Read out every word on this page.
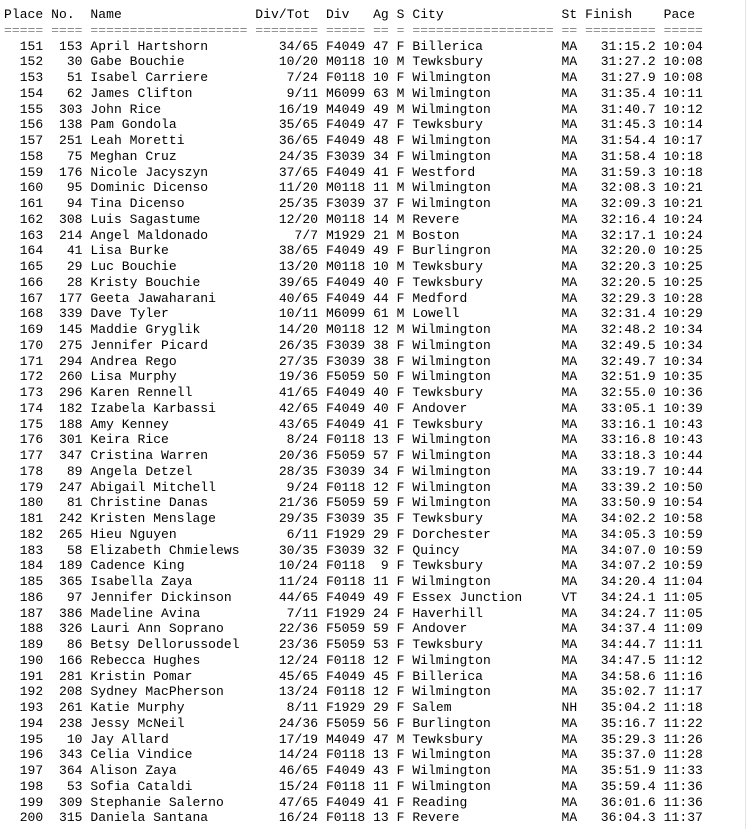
Place No.  Name                 Div/Tot  Div   Ag S City               St Finish    Pace
===== ==== ==================== ======== ===== == = ================== == ========= =====
151  153 April Hartshorn         34/65 F4049 47 F Billerica          MA   31:15.2 10:04
152   30 Gabe Bouchie            10/20 M0118 10 M Tewksbury          MA   31:27.2 10:08
153   51 Isabel Carriere          7/24 F0118 10 F Wilmington         MA   31:27.9 10:08
154   62 James Clifton            9/11 M6099 63 M Wilmington         MA   31:35.4 10:11
155  303 John Rice               16/19 M4049 49 M Wilmington         MA   31:40.7 10:12
156  138 Pam Gondola             35/65 F4049 47 F Tewksbury          MA   31:45.3 10:14
157  251 Leah Moretti            36/65 F4049 48 F Wilmington         MA   31:54.4 10:17
158   75 Meghan Cruz             24/35 F3039 34 F Wilmington         MA   31:58.4 10:18
159  176 Nicole Jacyszyn         37/65 F4049 41 F Westford           MA   31:59.3 10:18
160   95 Dominic Dicenso         11/20 M0118 11 M Wilmington         MA   32:08.3 10:21
161   94 Tina Dicenso            25/35 F3039 37 F Wilmington         MA   32:09.3 10:21
162  308 Luis Sagastume          12/20 M0118 14 M Revere             MA   32:16.4 10:24
163  214 Angel Maldonado           7/7 M1929 21 M Boston             MA   32:17.1 10:24
164   41 Lisa Burke              38/65 F4049 49 F Burlingron         MA   32:20.0 10:25
165   29 Luc Bouchie             13/20 M0118 10 M Tewksbury          MA   32:20.3 10:25
166   28 Kristy Bouchie          39/65 F4049 40 F Tewksbury          MA   32:20.5 10:25
167  177 Geeta Jawaharani        40/65 F4049 44 F Medford            MA   32:29.3 10:28
168  339 Dave Tyler              10/11 M6099 61 M Lowell             MA   32:31.4 10:29
169  145 Maddie Gryglik          14/20 M0118 12 M Wilmington         MA   32:48.2 10:34
170  275 Jennifer Picard         26/35 F3039 38 F Wilmington         MA   32:49.5 10:34
171  294 Andrea Rego             27/35 F3039 38 F Wilmington         MA   32:49.7 10:34
172  260 Lisa Murphy             19/36 F5059 50 F Wilmington         MA   32:51.9 10:35
173  296 Karen Rennell           41/65 F4049 40 F Tewksbury          MA   32:55.0 10:36
174  182 Izabela Karbassi        42/65 F4049 40 F Andover            MA   33:05.1 10:39
175  188 Amy Kenney              43/65 F4049 41 F Tewksbury          MA   33:16.1 10:43
176  301 Keira Rice               8/24 F0118 13 F Wilmington         MA   33:16.8 10:43
177  347 Cristina Warren         20/36 F5059 57 F Wilmington         MA   33:18.3 10:44
178   89 Angela Detzel           28/35 F3039 34 F Wilmington         MA   33:19.7 10:44
179  247 Abigail Mitchell         9/24 F0118 12 F Wilmington         MA   33:39.2 10:50
180   81 Christine Danas         21/36 F5059 59 F Wilmington         MA   33:50.9 10:54
181  242 Kristen Menslage        29/35 F3039 35 F Tewksbury          MA   34:02.2 10:58
182  265 Hieu Nguyen              6/11 F1929 29 F Dorchester         MA   34:05.3 10:59
183   58 Elizabeth Chmielews     30/35 F3039 32 F Quincy             MA   34:07.0 10:59
184  189 Cadence King            10/24 F0118  9 F Tewksbury          MA   34:07.2 10:59
185  365 Isabella Zaya           11/24 F0118 11 F Wilmington         MA   34:20.4 11:04
186   97 Jennifer Dickinson      44/65 F4049 49 F Essex Junction     VT   34:24.1 11:05
187  386 Madeline Avina           7/11 F1929 24 F Haverhill          MA   34:24.7 11:05
188  326 Lauri Ann Soprano       22/36 F5059 59 F Andover            MA   34:37.4 11:09
189   86 Betsy Dellorussodel     23/36 F5059 53 F Tewksbury          MA   34:44.7 11:11
190  166 Rebecca Hughes          12/24 F0118 12 F Wilmington         MA   34:47.5 11:12
191  281 Kristin Pomar           45/65 F4049 45 F Billerica          MA   34:58.6 11:16
192  208 Sydney MacPherson       13/24 F0118 12 F Wilmington         MA   35:02.7 11:17
193  261 Katie Murphy             8/11 F1929 29 F Salem              NH   35:04.2 11:18
194  238 Jessy McNeil            24/36 F5059 56 F Burlington         MA   35:16.7 11:22
195   10 Jay Allard              17/19 M4049 47 M Tewksbury          MA   35:29.3 11:26
196  343 Celia Vindice           14/24 F0118 13 F Wilmington         MA   35:37.0 11:28
197  364 Alison Zaya             46/65 F4049 43 F Wilmington         MA   35:51.9 11:33
198   53 Sofia Cataldi           15/24 F0118 11 F Wilmington         MA   35:59.4 11:36
199  309 Stephanie Salerno       47/65 F4049 41 F Reading            MA   36:01.6 11:36
200  315 Daniela Santana         16/24 F0118 13 F Revere             MA   36:04.3 11:37
